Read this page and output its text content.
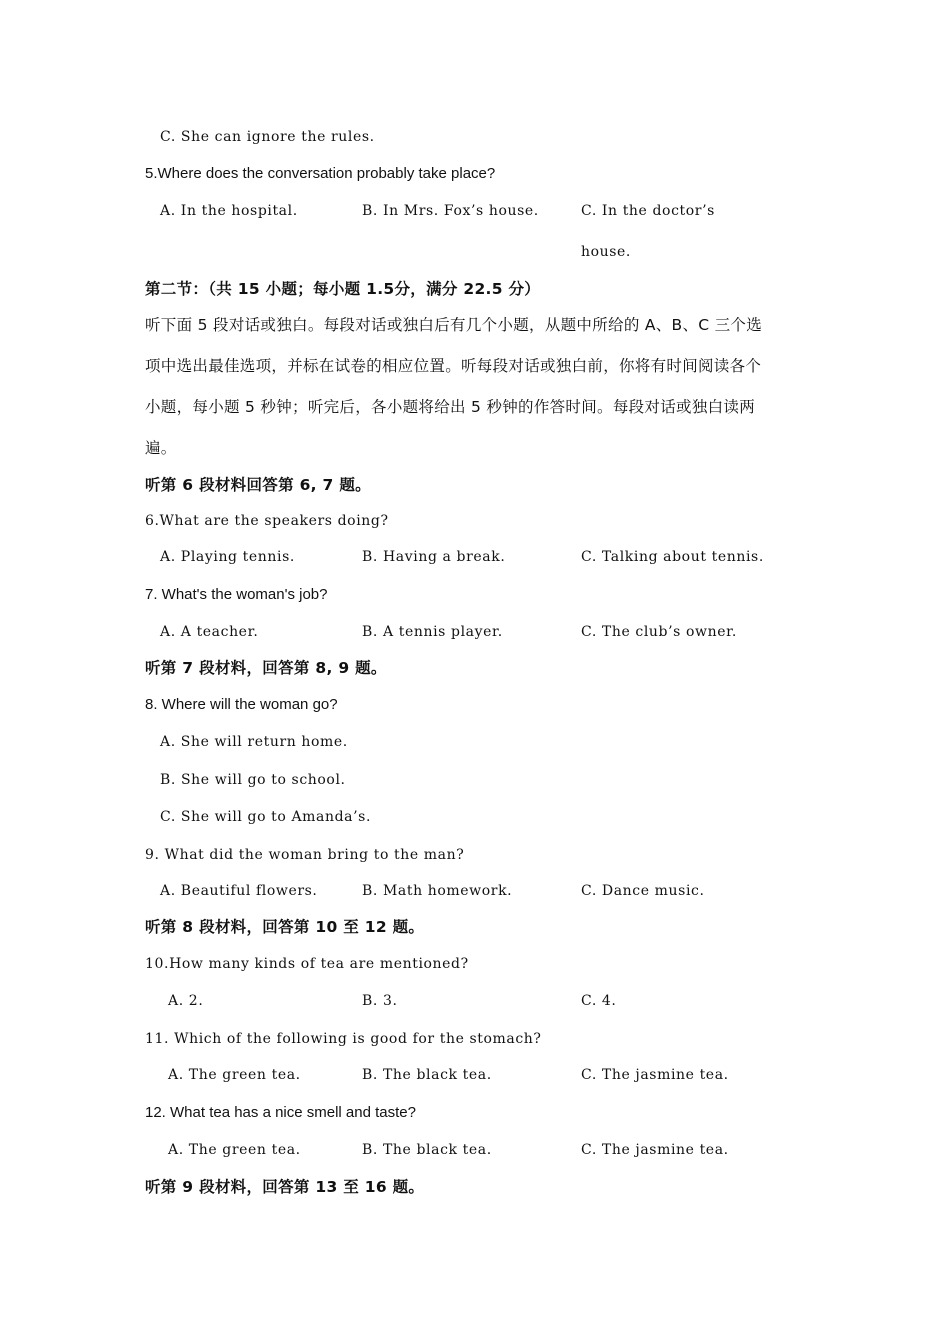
C. She can ignore the rules.
5.Where does the conversation probably take place?
A. In the hospital.	B. In Mrs. Fox’s house.	C. In the doctor’s
house.
第二节：（共 15 小题；每小题 1.5分，满分 22.5 分）
听下面 5 段对话或独白。每段对话或独白后有几个小题，从题中所给的 A、B、C 三个选
项中选出最佳选项，并标在试卷的相应位置。听每段对话或独白前，你将有时间阅读各个
小题，每小题 5 秒钟；听完后，各小题将给出 5 秒钟的作答时间。每段对话或独白读两
遍。
听第 6 段材料回答第 6, 7 题。
6.What are the speakers doing?
A. Playing tennis.	B. Having a break.	C. Talking about tennis.
7. What's the woman's job?
A. A teacher.	B. A tennis player.	C. The club’s owner.
听第 7 段材料，回答第 8, 9 题。
8. Where will the woman go?
A. She will return home.
B. She will go to school.
C. She will go to Amanda’s.
9. What did the woman bring to the man?
A. Beautiful flowers.	B. Math homework.	C. Dance music.
听第 8 段材料，回答第 10 至 12 题。
10.How many kinds of tea are mentioned?
A. 2.	B. 3.	C. 4.
11. Which of the following is good for the stomach?
A. The green tea.	B. The black tea.	C. The jasmine tea.
12. What tea has a nice smell and taste?
A. The green tea.	B. The black tea.	C. The jasmine tea.
听第 9 段材料，回答第 13 至 16 题。
